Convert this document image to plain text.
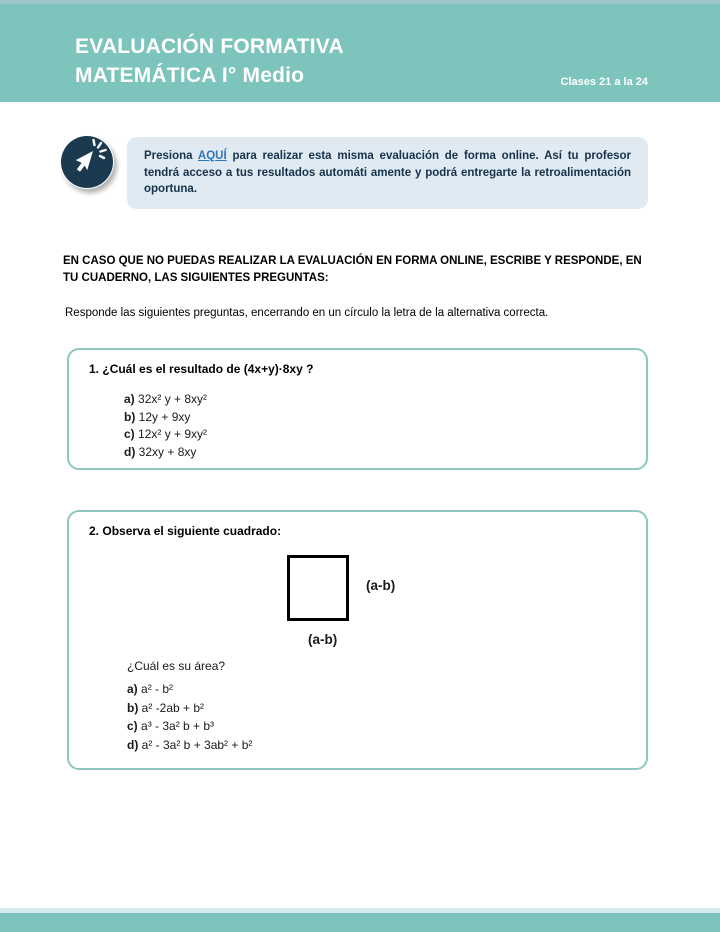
EVALUACIÓN FORMATIVA
MATEMÁTICA I° Medio	Clases 21 a la 24

Presiona AQUÍ para realizar esta misma evaluación de forma online. Así tu profesor tendrá acceso a tus resultados automáti amente y podrá entregarte la retroalimentación oportuna.

EN CASO QUE NO PUEDAS REALIZAR LA EVALUACIÓN EN FORMA ONLINE, ESCRIBE Y RESPONDE, EN TU CUADERNO, LAS SIGUIENTES PREGUNTAS:

Responde las siguientes preguntas, encerrando en un círculo la letra de la alternativa correcta.

1. ¿Cuál es el resultado de (4x+y)·8xy ?
a) 32x² y + 8xy²
b) 12y + 9xy
c) 12x² y + 9xy²
d) 32xy + 8xy
2. Observa el siguiente cuadrado:
(a-b)
(a-b)
¿Cuál es su área?
a) a² - b²
b) a² -2ab + b²
c) a³ - 3a² b + b³
d) a² - 3a² b + 3ab² + b²
